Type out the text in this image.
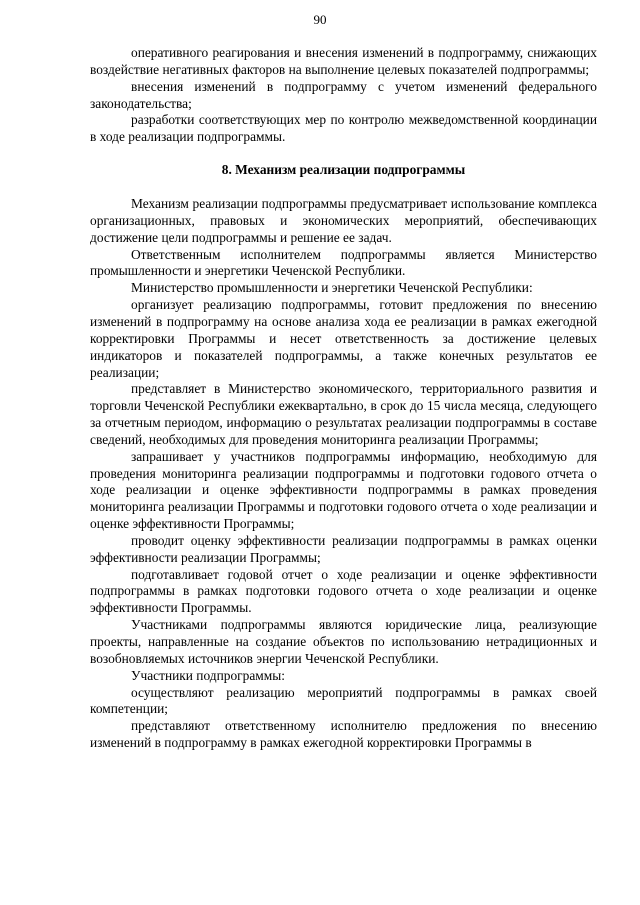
90

оперативного реагирования и внесения изменений в подпрограмму, снижающих воздействие негативных факторов на выполнение целевых показателей подпрограммы;

внесения изменений в подпрограмму с учетом изменений федерального законодательства;

разработки соответствующих мер по контролю межведомственной координации в ходе реализации подпрограммы.

8. Механизм реализации подпрограммы

Механизм реализации подпрограммы предусматривает использование комплекса организационных, правовых и экономических мероприятий, обеспечивающих достижение цели подпрограммы и решение ее задач.

Ответственным исполнителем подпрограммы является Министерство промышленности и энергетики Чеченской Республики.

Министерство промышленности и энергетики Чеченской Республики:

организует реализацию подпрограммы, готовит предложения по внесению изменений в подпрограмму на основе анализа хода ее реализации в рамках ежегодной корректировки Программы и несет ответственность за достижение целевых индикаторов и показателей подпрограммы, а также конечных результатов ее реализации;

представляет в Министерство экономического, территориального развития и торговли Чеченской Республики ежеквартально, в срок до 15 числа месяца, следующего за отчетным периодом, информацию о результатах реализации подпрограммы в составе сведений, необходимых для проведения мониторинга реализации Программы;

запрашивает у участников подпрограммы информацию, необходимую для проведения мониторинга реализации подпрограммы и подготовки годового отчета о ходе реализации и оценке эффективности подпрограммы в рамках проведения мониторинга реализации Программы и подготовки годового отчета о ходе реализации и оценке эффективности Программы;

проводит оценку эффективности реализации подпрограммы в рамках оценки эффективности реализации Программы;

подготавливает годовой отчет о ходе реализации и оценке эффективности подпрограммы в рамках подготовки годового отчета о ходе реализации и оценке эффективности Программы.

Участниками подпрограммы являются юридические лица, реализующие проекты, направленные на создание объектов по использованию нетрадиционных и возобновляемых источников энергии Чеченской Республики.

Участники подпрограммы:

осуществляют реализацию мероприятий подпрограммы в рамках своей компетенции;

представляют ответственному исполнителю предложения по внесению изменений в подпрограмму в рамках ежегодной корректировки Программы в
